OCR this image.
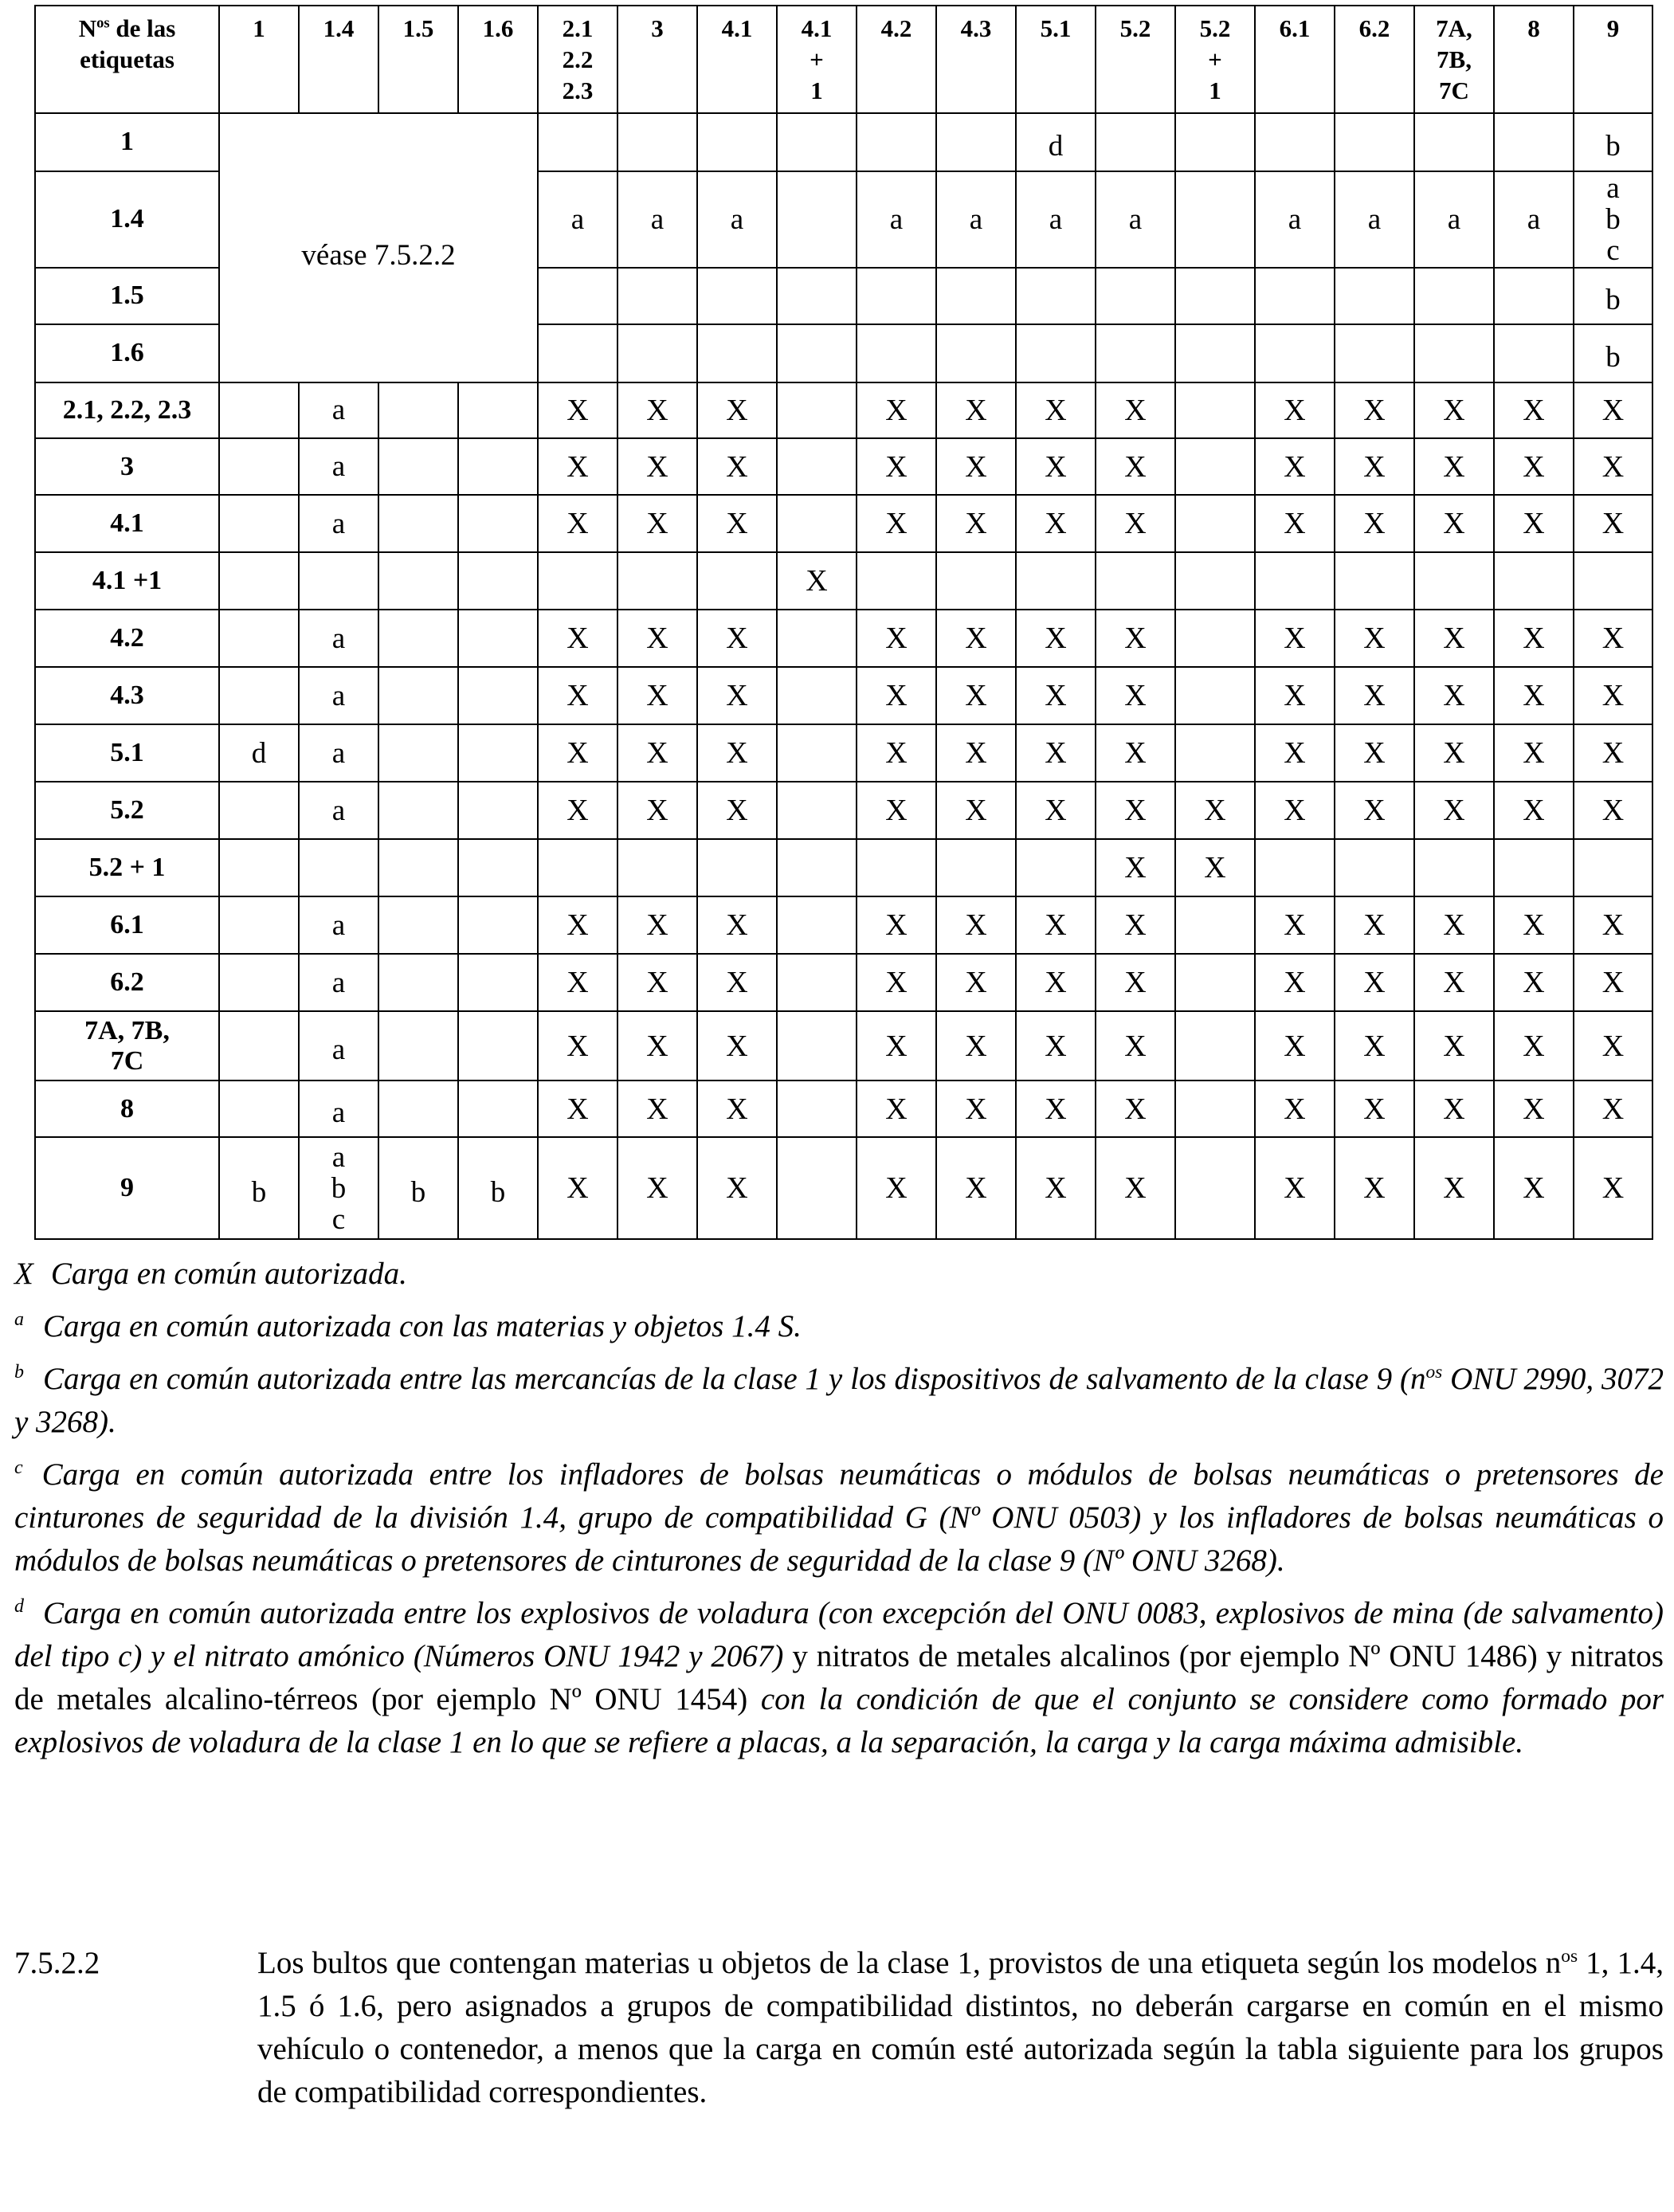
$N^{os}$ de las
etiquetas	1	1.4	1.5	1.6	2.1
2.2
2.3	3	4.1	4.1
+
1	4.2	4.3	5.1	5.2	5.2
+
1	6.1	6.2	7A,
7B,
7C	8	9
1	véase 7.5.2.2										d							b
1.4					a	a	a		a	a	a	a		a	a	a	a	a
b
c
1.5																		b
1.6																		b
2.1, 2.2, 2.3		a			X	X	X		X	X	X	X		X	X	X	X	X
3		a			X	X	X		X	X	X	X		X	X	X	X	X
4.1		a			X	X	X		X	X	X	X		X	X	X	X	X
4.1 +1								X										
4.2		a			X	X	X		X	X	X	X		X	X	X	X	X
4.3		a			X	X	X		X	X	X	X		X	X	X	X	X
5.1	d	a			X	X	X		X	X	X	X		X	X	X	X	X
5.2		a			X	X	X		X	X	X	X	X	X	X	X	X	X
5.2 + 1												X	X					
6.1		a			X	X	X		X	X	X	X		X	X	X	X	X
6.2		a			X	X	X		X	X	X	X		X	X	X	X	X
7A, 7B,
7C		a			X	X	X		X	X	X	X		X	X	X	X	X
8		a			X	X	X		X	X	X	X		X	X	X	X	X
9	b	a
b
c	b	b	X	X	X		X	X	X	X		X	X	X	X	X

X Carga en común autorizada.

$^a$ Carga en común autorizada con las materias y objetos 1.4 S.

$^b$ Carga en común autorizada entre las mercancías de la clase 1 y los dispositivos de salvamento de la clase 9 ($n^{os}$ ONU 2990, 3072 y 3268).

$^c$ Carga en común autorizada entre los infladores de bolsas neumáticas o módulos de bolsas neumáticas o pretensores de cinturones de seguridad de la división 1.4, grupo de compatibilidad G (Nº ONU 0503) y los infladores de bolsas neumáticas o módulos de bolsas neumáticas o pretensores de cinturones de seguridad de la clase 9 (Nº ONU 3268).

$^d$ Carga en común autorizada entre los explosivos de voladura (con excepción del ONU 0083, explosivos de mina (de salvamento) del tipo c) y el nitrato amónico (Números ONU 1942 y 2067) y nitratos de metales alcalinos (por ejemplo Nº ONU 1486) y nitratos de metales alcalino-térreos (por ejemplo Nº ONU 1454) con la condición de que el conjunto se considere como formado por explosivos de voladura de la clase 1 en lo que se refiere a placas, a la separación, la carga y la carga máxima admisible.

7.5.2.2	Los bultos que contengan materias u objetos de la clase 1, provistos de una etiqueta según los modelos $n^{os}$ 1, 1.4, 1.5 ó 1.6, pero asignados a grupos de compatibilidad distintos, no deberán cargarse en común en el mismo vehículo o contenedor, a menos que la carga en común esté autorizada según la tabla siguiente para los grupos de compatibilidad correspondientes.
